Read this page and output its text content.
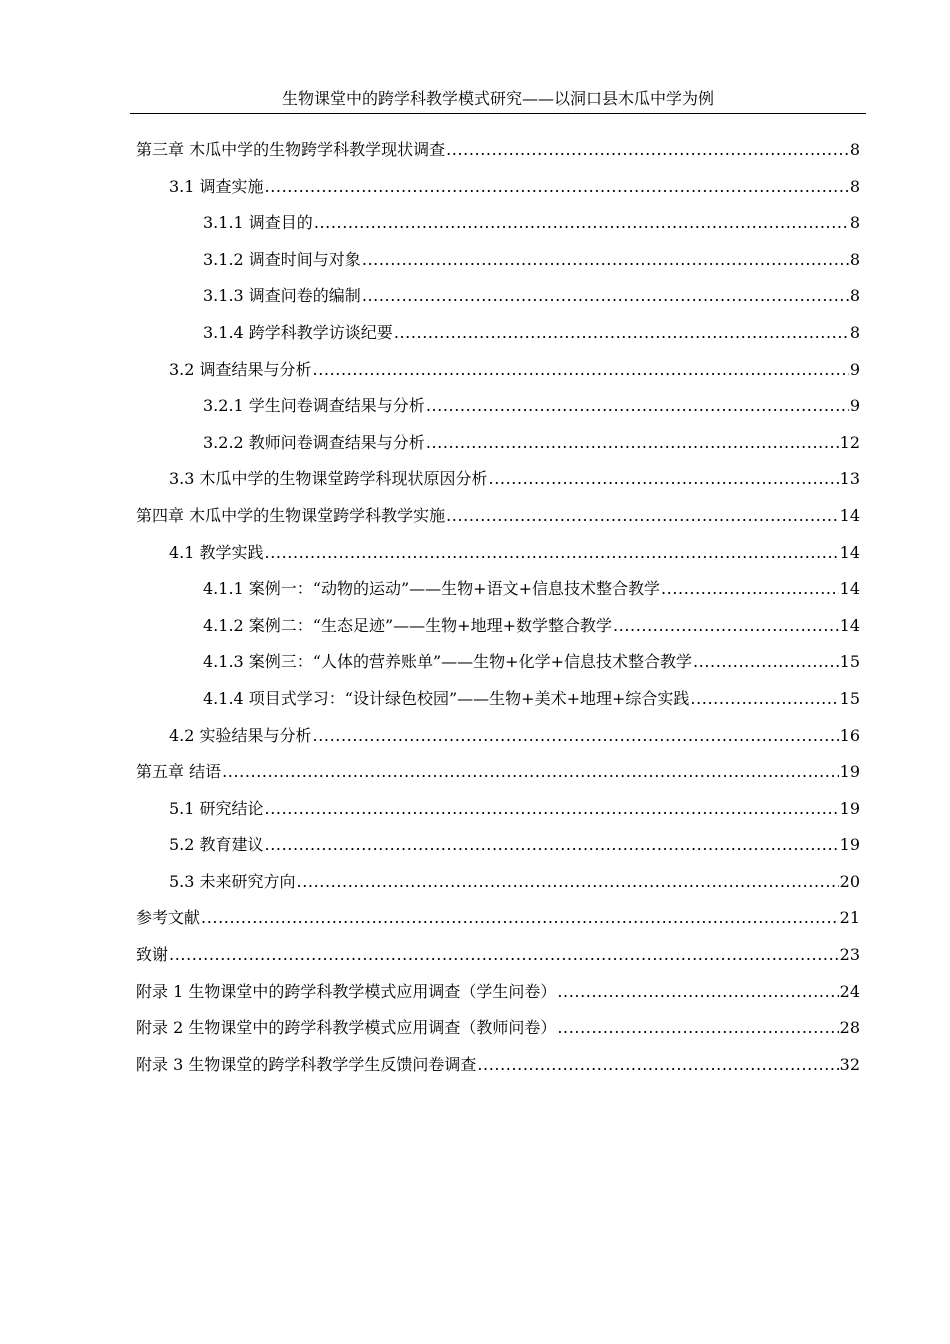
生物课堂中的跨学科教学模式研究——以洞口县木瓜中学为例
第三章 木瓜中学的生物跨学科教学现状调查 .....	8
3.1 调查实施 .....	8
3.1.1 调查目的 .....	8
3.1.2 调查时间与对象 .....	8
3.1.3 调查问卷的编制 .....	8
3.1.4 跨学科教学访谈纪要 .....	8
3.2 调查结果与分析 .....	9
3.2.1 学生问卷调查结果与分析 .....	9
3.2.2 教师问卷调查结果与分析 .....	12
3.3 木瓜中学的生物课堂跨学科现状原因分析 .....	13
第四章 木瓜中学的生物课堂跨学科教学实施 .....	14
4.1 教学实践 .....	14
4.1.1 案例一：“动物的运动”——生物+语文+信息技术整合教学 .....	14
4.1.2 案例二：“生态足迹”——生物+地理+数学整合教学 .....	14
4.1.3 案例三：“人体的营养账单”——生物+化学+信息技术整合教学 .....	15
4.1.4 项目式学习：“设计绿色校园”——生物+美术+地理+综合实践 .....	15
4.2 实验结果与分析 .....	16
第五章 结语 .....	19
5.1 研究结论 .....	19
5.2 教育建议 .....	19
5.3 未来研究方向 .....	20
参考文献 .....	21
致谢 .....	23
附录 1 生物课堂中的跨学科教学模式应用调查（学生问卷） .....	24
附录 2 生物课堂中的跨学科教学模式应用调查（教师问卷） .....	28
附录 3 生物课堂的跨学科教学学生反馈问卷调查 .....	32
